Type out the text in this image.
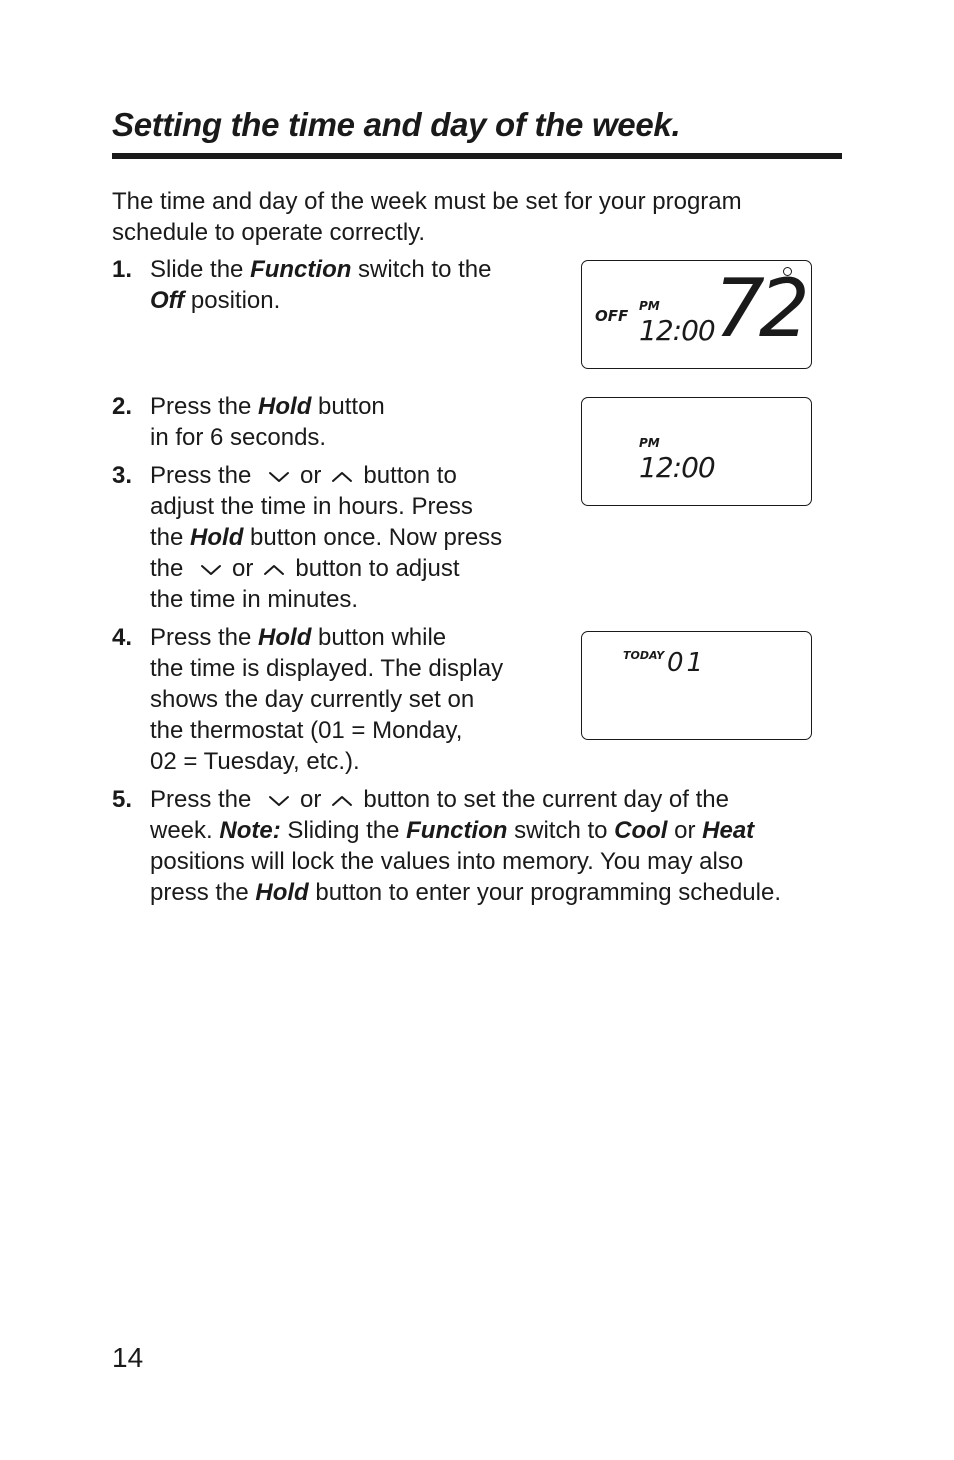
Setting the time and day of the week.
The time and day of the week must be set for your program schedule to operate correctly.
1. Slide the Function switch to the
Off position.
2. Press the Hold button
in for 6 seconds.
3. Press the or button to
adjust the time in hours. Press
the Hold button once. Now press
the or button to adjust
the time in minutes.
4. Press the Hold button while
the time is displayed. The display
shows the day currently set on
the thermostat (01 = Monday,
02 = Tuesday, etc.).
5. Press the or button to set the current day of the
week. Note: Sliding the Function switch to Cool or Heat
positions will lock the values into memory. You may also
press the Hold button to enter your programming schedule.
OFF
PM
12:00 72
PM
12:00
TODAY 01
14
